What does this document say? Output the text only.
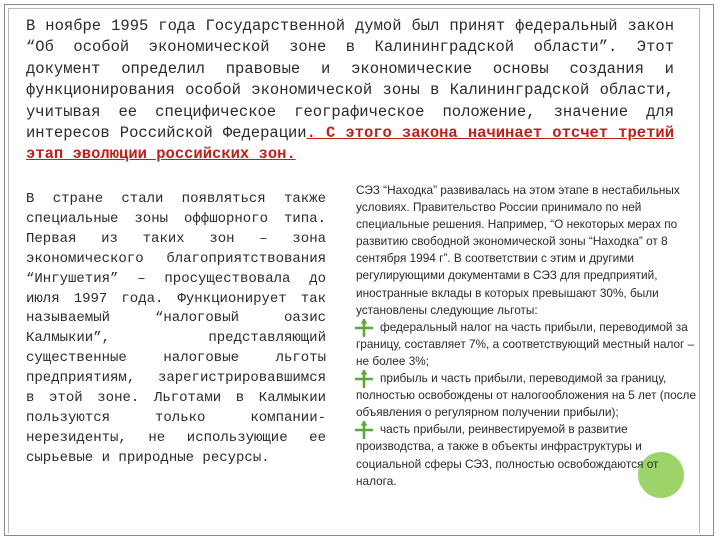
В ноябре 1995 года Государственной думой был принят федеральный закон “Об особой экономической зоне в Калининградской области”. Этот документ определил правовые и экономические основы создания и функционирования особой экономической зоны в Калининградской области, учитывая ее специфическое географическое положение, значение для интересов Российской Федерации. С этого закона начинает отсчет третий этап эволюции российских зон.
В стране стали появляться также специальные зоны оффшорного типа. Первая из таких зон – зона экономического благоприятствования “Ингушетия” – просуществовала до июля 1997 года. Функционирует так называемый “налоговый оазис Калмыкии”, представляющий существенные налоговые льготы предприятиям, зарегистрировавшимся в этой зоне. Льготами в Калмыкии пользуются только компании-нерезиденты, не использующие ее сырьевые и природные ресурсы.

СЭЗ “Находка” развивалась на этом этапе в нестабильных условиях. Правительство России принимало по ней специальные решения. Например, “О некоторых мерах по развитию свободной экономической зоны “Находка” от 8 сентября 1994 г”. В соответствии с этим и другими регулирующими документами в СЭЗ для предприятий, иностранные вклады в которых превышают 30%, были установлены следующие льготы:

федеральный налог на часть прибыли, переводимой за границу, составляет 7%, а соответствующий местный налог – не более 3%;

прибыль и часть прибыли, переводимой за границу, полностью освобождены от налогообложения на 5 лет (после объявления о регулярном получении прибыли);

часть прибыли, реинвестируемой в развитие производства, а также в объекты инфраструктуры и социальной сферы СЭЗ, полностью освобождаются от налога.
